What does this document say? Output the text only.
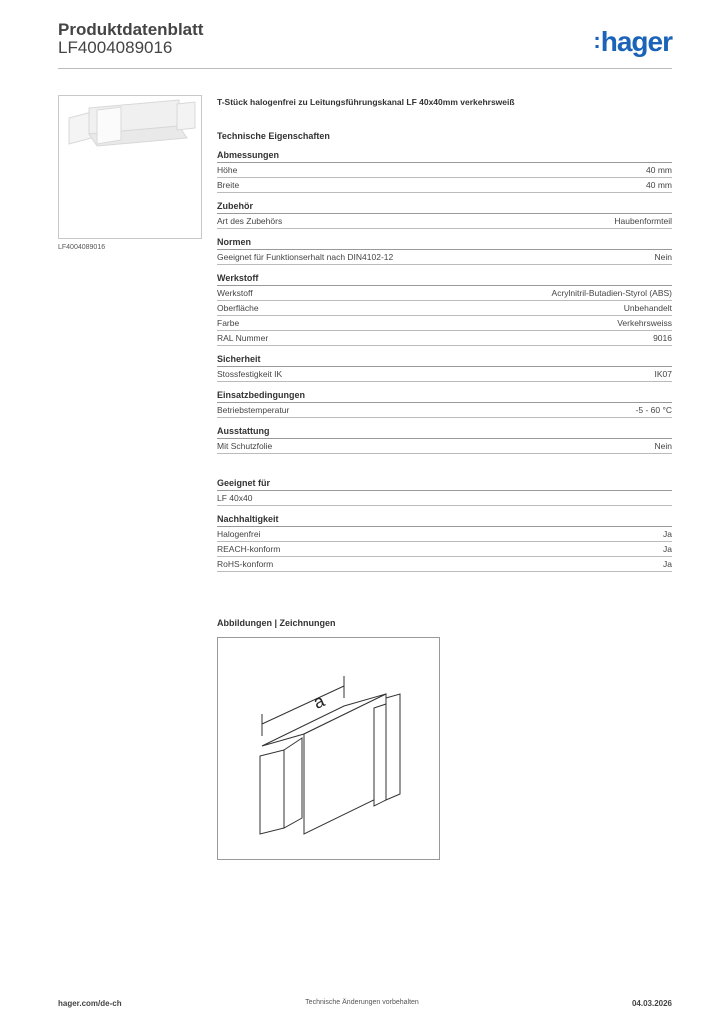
Produktdatenblatt
LF4004089016	:hager
LF4004089016
T-Stück halogenfrei zu Leitungsführungskanal LF 40x40mm verkehrsweiß
Technische Eigenschaften
Abmessungen
Höhe	40 mm
Breite	40 mm
Zubehör
Art des Zubehörs	Haubenformteil
Normen
Geeignet für Funktionserhalt nach DIN4102-12	Nein
Werkstoff
Werkstoff	Acrylnitril-Butadien-Styrol (ABS)
Oberfläche	Unbehandelt
Farbe	Verkehrsweiss
RAL Nummer	9016
Sicherheit
Stossfestigkeit IK	IK07
Einsatzbedingungen
Betriebstemperatur	-5 - 60 °C
Ausstattung
Mit Schutzfolie	Nein
Geeignet für
LF 40x40
Nachhaltigkeit
Halogenfrei	Ja
REACH-konform	Ja
RoHS-konform	Ja
Abbildungen | Zeichnungen
a
hager.com/de-ch	Technische Änderungen vorbehalten	04.03.2026
